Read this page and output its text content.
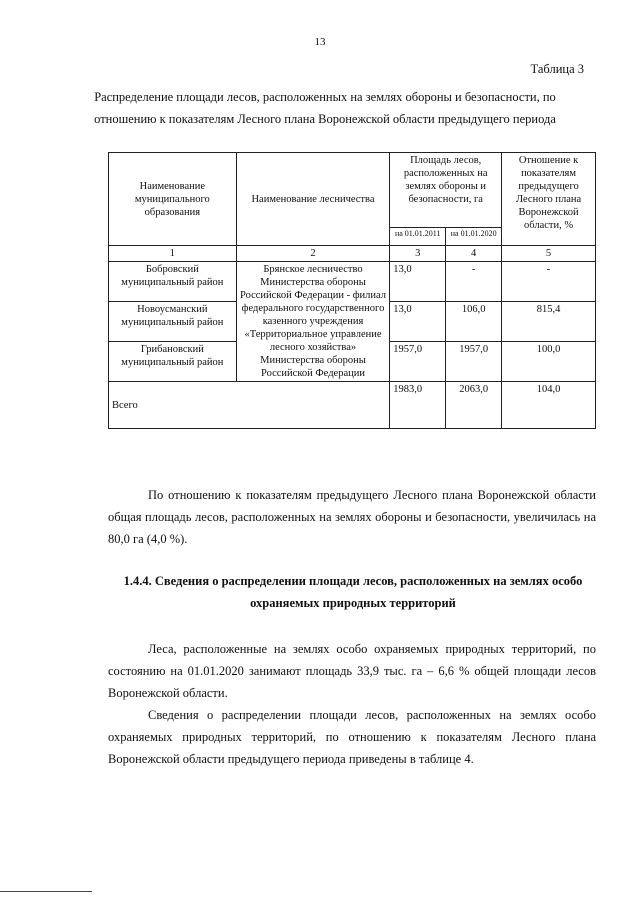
13
Таблица 3
Распределение площади лесов, расположенных на землях обороны и безопасности, по отношению к показателям Лесного плана Воронежской области предыдущего периода
Наименование муниципального образования	Наименование лесничества	Площадь лесов, расположенных на землях обороны и безопасности, га		Отношение к показателям предыдущего Лесного плана Воронежской области, %
		на 01.01.2011	на 01.01.2020	
1	2	3	4	5
Бобровский муниципальный район	Брянское лесничество Министерства обороны Российской Федерации - филиал федерального государственного казенного учреждения «Территориальное управление лесного хозяйства» Министерства обороны Российской Федерации	13,0	-	-
Новоусманский муниципальный район		13,0	106,0	815,4
Грибановский муниципальный район		1957,0	1957,0	100,0
Всего		1983,0	2063,0	104,0
По отношению к показателям предыдущего Лесного плана Воронежской области общая площадь лесов, расположенных на землях обороны и безопасности, увеличилась на 80,0 га (4,0 %).
1.4.4. Сведения о распределении площади лесов, расположенных на землях особо охраняемых природных территорий
Леса, расположенные на землях особо охраняемых природных территорий, по состоянию на 01.01.2020 занимают площадь 33,9 тыс. га – 6,6 % общей площади лесов Воронежской области.
Сведения о распределении площади лесов, расположенных на землях особо охраняемых природных территорий, по отношению к показателям Лесного плана Воронежской области предыдущего периода приведены в таблице 4.
